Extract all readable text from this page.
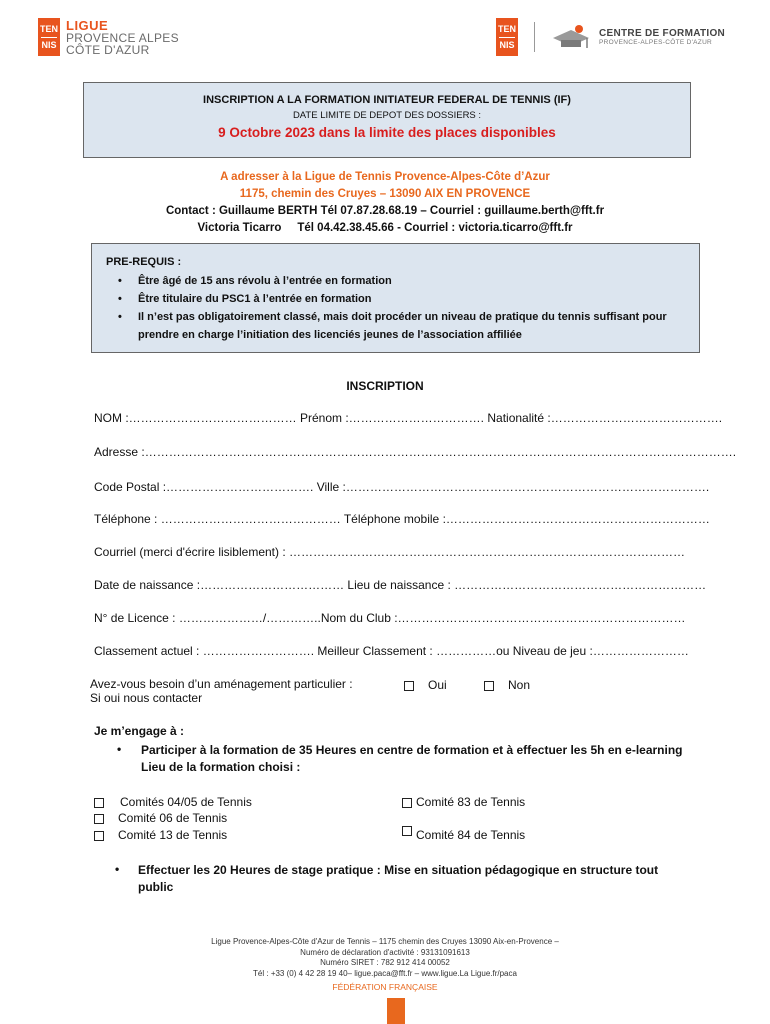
TEN
NIS
LIGUE
PROVENCE ALPES
CÔTE D'AZUR
TEN
NIS
CENTRE DE FORMATION
PROVENCE-ALPES-CÔTE D'AZUR
INSCRIPTION A LA FORMATION INITIATEUR FEDERAL DE TENNIS (IF)
DATE LIMITE DE DEPOT DES DOSSIERS :
9 Octobre 2023 dans la limite des places disponibles
A adresser à la Ligue de Tennis Provence-Alpes-Côte d’Azur
1175, chemin des Cruyes – 13090 AIX EN PROVENCE
Contact : Guillaume BERTH Tél 07.87.28.68.19 – Courriel : guillaume.berth@fft.fr
Victoria Ticarro     Tél 04.42.38.45.66 - Courriel : victoria.ticarro@fft.fr
PRE-REQUIS :
• Être âgé de 15 ans révolu à l’entrée en formation
• Être titulaire du PSC1 à l’entrée en formation
• Il n’est pas obligatoirement classé, mais doit procéder un niveau de pratique du tennis suffisant pour
prendre en charge l’initiation des licenciés jeunes de l’association affiliée
INSCRIPTION
NOM :…………………………………… Prénom :……………………………. Nationalité :…………………………………….
Adresse :………………………………………………………………………………………………………………………………….
Code Postal :………………………………. Ville :……………………………………………………………………………….
Téléphone : ……………………………………… Téléphone mobile :…………………………………………………………
Courriel (merci d'écrire lisiblement) : ………………………………………………………………………………………
Date de naissance :……………………………… Lieu de naissance : ………………………………………………………
N° de Licence : …………………/…………..Nom du Club :………………………………………………………………
Classement actuel : ………………………. Meilleur Classement : ……………ou Niveau de jeu :……………………
Avez-vous besoin d’un aménagement particulier :
Si oui nous contacter
Oui	Non
Je m’engage à :
• Participer à la formation de 35 Heures en centre de formation et à effectuer les 5h en e-learning
Lieu de la formation choisi :
Comités 04/05 de Tennis
Comité 06 de Tennis
Comité 13 de Tennis
Comité 83 de Tennis
Comité 84 de Tennis
• Effectuer les 20 Heures de stage pratique : Mise en situation pédagogique en structure tout
public
Ligue Provence-Alpes-Côte d'Azur de Tennis – 1175 chemin des Cruyes 13090 Aix-en-Provence –
Numéro de déclaration d'activité : 93131091613
Numéro SIRET : 782 912 414 00052
Tél : +33 (0) 4 42 28 19 40– ligue.paca@fft.fr – www.ligue.La Ligue.fr/paca
FÉDÉRATION FRANÇAISE
